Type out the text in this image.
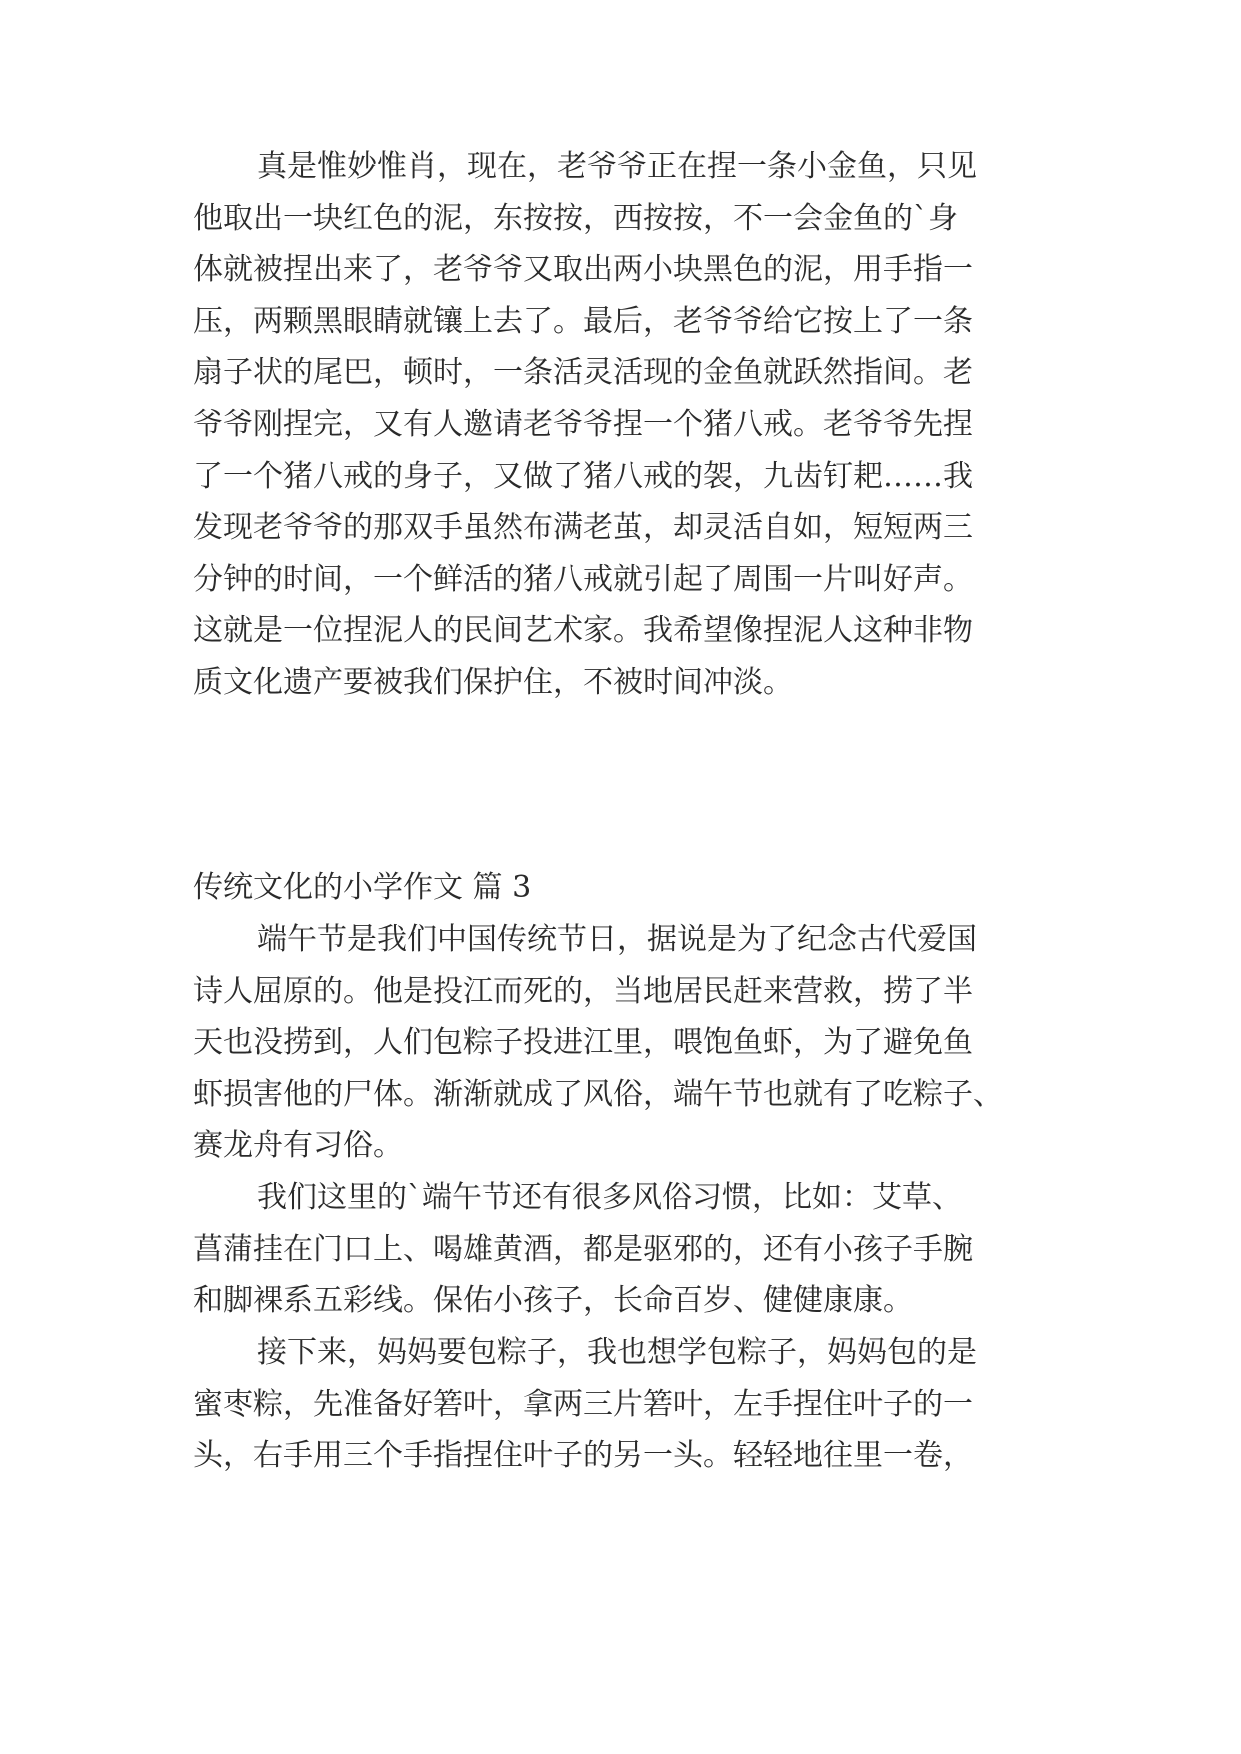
真是惟妙惟肖，现在，老爷爷正在捏一条小金鱼，只见

他取出一块红色的泥，东按按，西按按，不一会金鱼的`身

体就被捏出来了，老爷爷又取出两小块黑色的泥，用手指一

压，两颗黑眼睛就镶上去了。最后，老爷爷给它按上了一条

扇子状的尾巴，顿时，一条活灵活现的金鱼就跃然指间。老

爷爷刚捏完，又有人邀请老爷爷捏一个猪八戒。老爷爷先捏

了一个猪八戒的身子，又做了猪八戒的袈，九齿钉耙……我

发现老爷爷的那双手虽然布满老茧，却灵活自如，短短两三

分钟的时间，一个鲜活的猪八戒就引起了周围一片叫好声。

这就是一位捏泥人的民间艺术家。我希望像捏泥人这种非物

质文化遗产要被我们保护住，不被时间冲淡。

传统文化的小学作文 篇 3

端午节是我们中国传统节日，据说是为了纪念古代爱国

诗人屈原的。他是投江而死的，当地居民赶来营救，捞了半

天也没捞到，人们包粽子投进江里，喂饱鱼虾，为了避免鱼

虾损害他的尸体。渐渐就成了风俗，端午节也就有了吃粽子、

赛龙舟有习俗。

我们这里的`端午节还有很多风俗习惯，比如：艾草、

菖蒲挂在门口上、喝雄黄酒，都是驱邪的，还有小孩子手腕

和脚裸系五彩线。保佑小孩子，长命百岁、健健康康。

接下来，妈妈要包粽子，我也想学包粽子，妈妈包的是

蜜枣粽，先准备好箬叶，拿两三片箬叶，左手捏住叶子的一

头，右手用三个手指捏住叶子的另一头。轻轻地往里一卷，
